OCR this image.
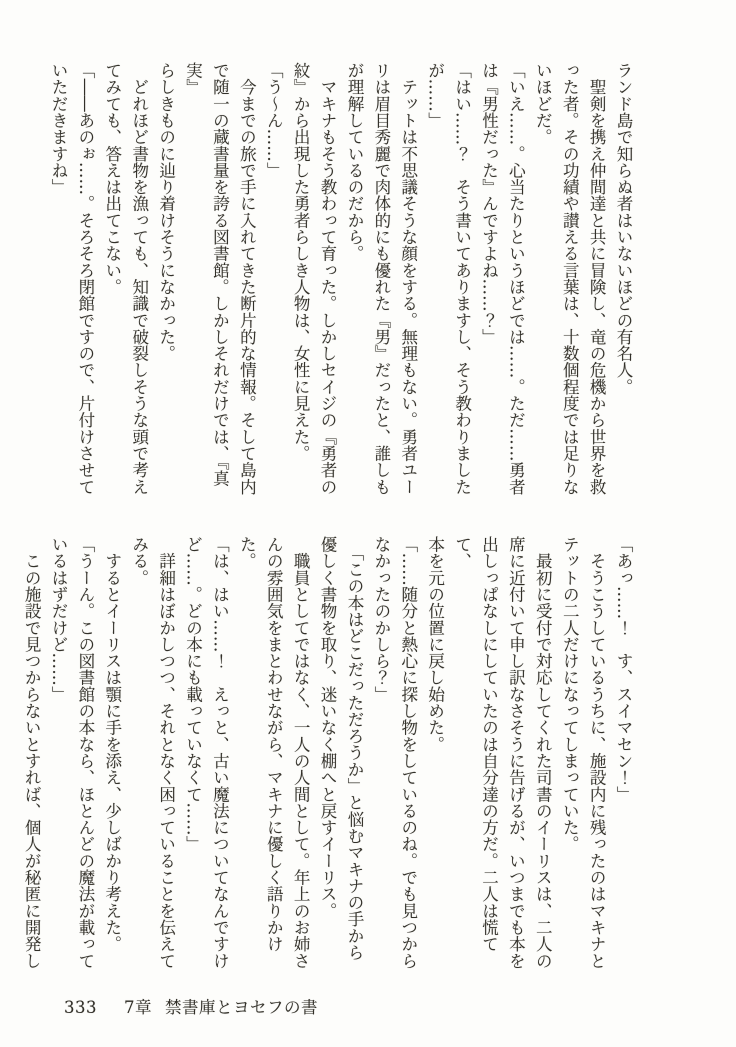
ランド島で知らぬ者はいないほどの有名人。

　聖剣を携え仲間達と共に冒険し、竜の危機から世界を救

った者。その功績や讃える言葉は、十数個程度では足りな

いほどだ。

「いえ……。心当たりというほどでは……。ただ……勇者

は『男性だった』んですよね……？」

「はい……？　そう書いてありますし、そう教わりました

が……」

　テットは不思議そうな顔をする。無理もない。勇者ユー

リは眉目秀麗で肉体的にも優れた『男』だったと、誰しも

が理解しているのだから。

　マキナもそう教わって育った。しかしセイジの『勇者の

紋』から出現した勇者らしき人物は、女性に見えた。

「う〜ん……」

　今までの旅で手に入れてきた断片的な情報。そして島内

で随一の蔵書量を誇る図書館。しかしそれだけでは、『真実』

らしきものに辿り着けそうになかった。

　どれほど書物を漁っても、知識で破裂しそうな頭で考え

てみても、答えは出てこない。

「――あのぉ……。そろそろ閉館ですので、片付けさせて

いただきますね」

「あっ……！　す、スイマセン！」

　そうこうしているうちに、施設内に残ったのはマキナと

テットの二人だけになってしまっていた。

　最初に受付で対応してくれた司書のイーリスは、二人の

席に近付いて申し訳なさそうに告げるが、いつまでも本を

出しっぱなしにしていたのは自分達の方だ。二人は慌てて、

本を元の位置に戻し始めた。

「……随分と熱心に探し物をしているのね。でも見つから

なかったのかしら？」

　「この本はどこだっただろうか」と悩むマキナの手から

優しく書物を取り、迷いなく棚へと戻すイーリス。

　職員としてではなく、一人の人間として。年上のお姉さ

んの雰囲気をまとわせながら、マキナに優しく語りかけた。

「は、はい……！　えっと、古い魔法についてなんですけ

ど……。どの本にも載っていなくて……」

　詳細はぼかしつつ、それとなく困っていることを伝えて

みる。

　するとイーリスは顎に手を添え、少しばかり考えた。

「うーん。この図書館の本なら、ほとんどの魔法が載って

いるはずだけど……」

　この施設で見つからないとすれば、個人が秘匿に開発し

333 7章 禁書庫とヨセフの書
